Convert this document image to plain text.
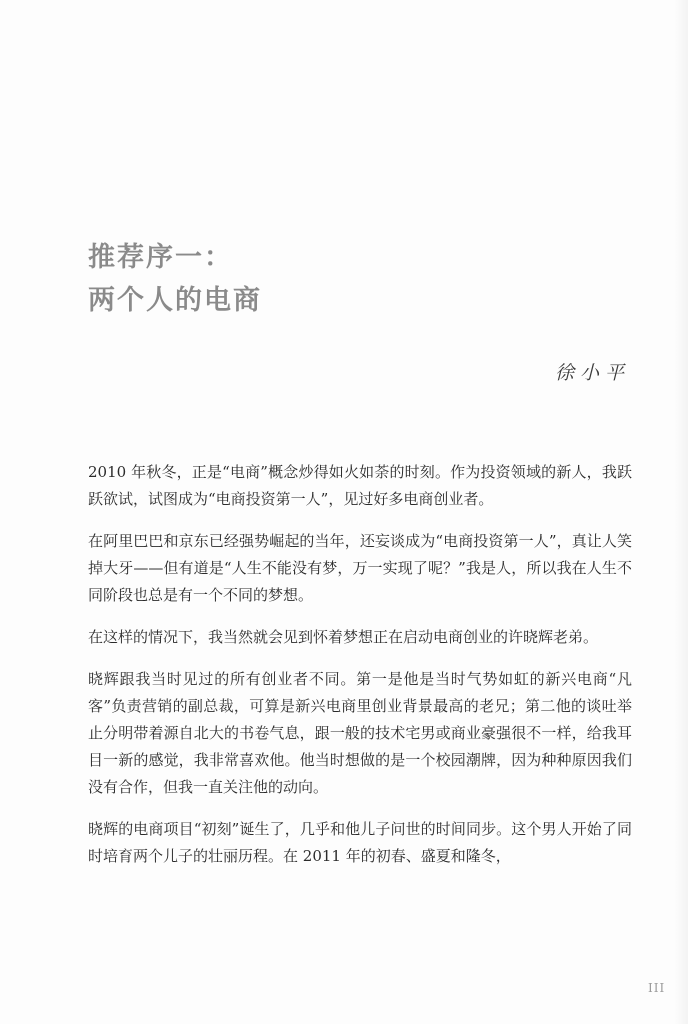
推荐序一：
两个人的电商
徐小平

2010 年秋冬，正是“电商”概念炒得如火如荼的时刻。作为投资领域的新人，我跃跃欲试，试图成为“电商投资第一人”，见过好多电商创业者。

在阿里巴巴和京东已经强势崛起的当年，还妄谈成为“电商投资第一人”，真让人笑掉大牙——但有道是“人生不能没有梦，万一实现了呢？”我是人，所以我在人生不同阶段也总是有一个不同的梦想。

在这样的情况下，我当然就会见到怀着梦想正在启动电商创业的许晓辉老弟。

晓辉跟我当时见过的所有创业者不同。第一是他是当时气势如虹的新兴电商“凡客”负责营销的副总裁，可算是新兴电商里创业背景最高的老兄；第二他的谈吐举止分明带着源自北大的书卷气息，跟一般的技术宅男或商业豪强很不一样，给我耳目一新的感觉，我非常喜欢他。他当时想做的是一个校园潮牌，因为种种原因我们没有合作，但我一直关注他的动向。

晓辉的电商项目“初刻”诞生了，几乎和他儿子问世的时间同步。这个男人开始了同时培育两个儿子的壮丽历程。在 2011 年的初春、盛夏和隆冬，

III
